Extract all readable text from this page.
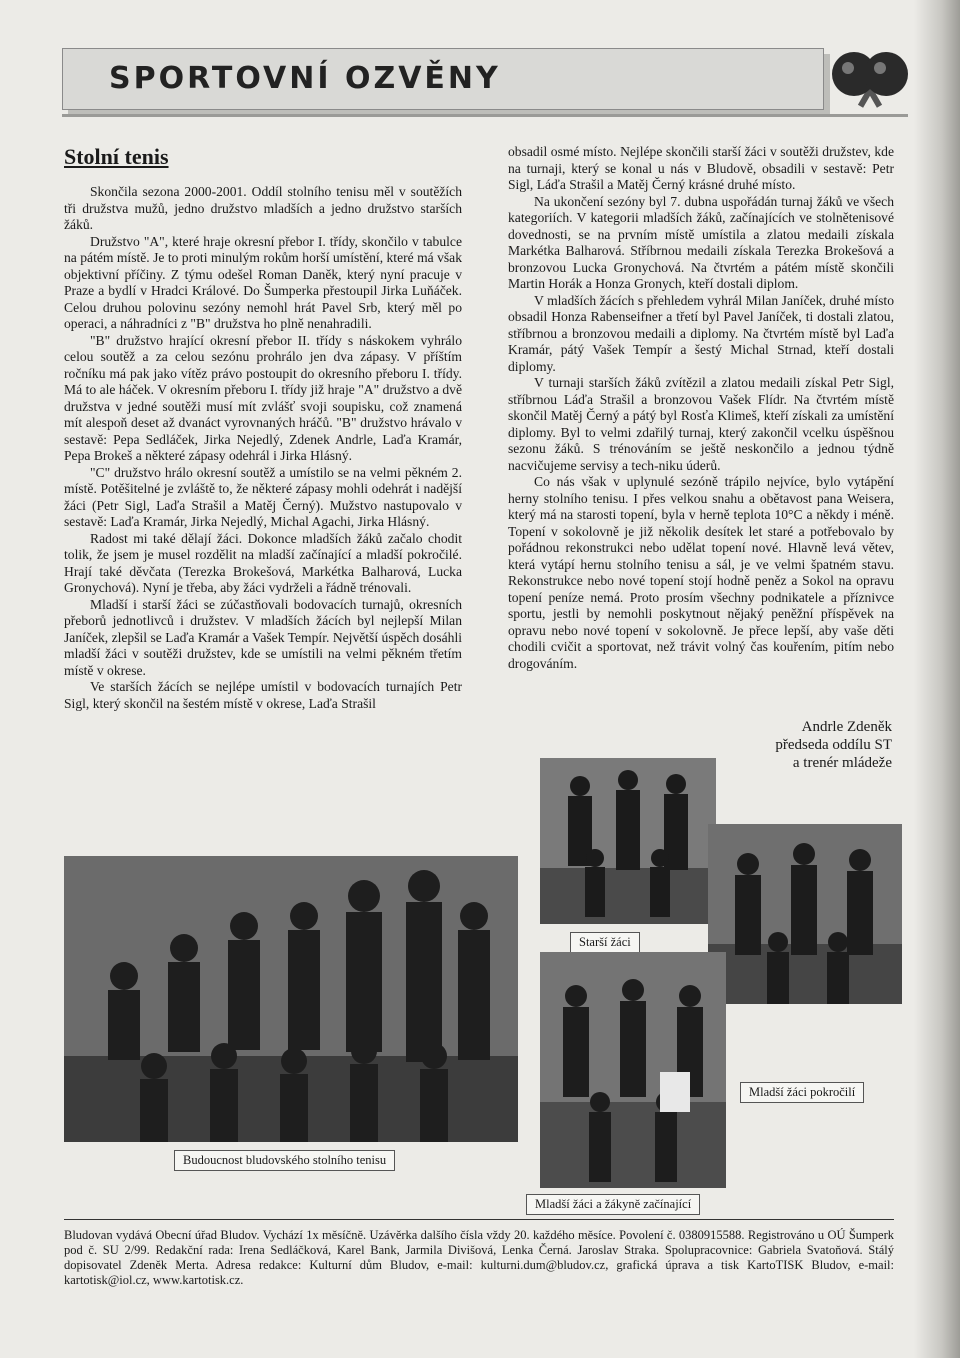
SPORTOVNÍ OZVĚNY
Stolní tenis

Skončila sezona 2000-2001. Oddíl stolního tenisu měl v soutěžích tři družstva mužů, jedno družstvo mladších a jedno družstvo starších žáků.

Družstvo "A", které hraje okresní přebor I. třídy, skončilo v tabulce na pátém místě. Je to proti minulým rokům horší umístění, které má však objektivní příčiny. Z týmu odešel Roman Daněk, který nyní pracuje v Praze a bydlí v Hradci Králové. Do Šumperka přestoupil Jirka Luňáček. Celou druhou polovinu sezóny nemohl hrát Pavel Srb, který měl po operaci, a náhradníci z "B" družstva ho plně nenahradili.

"B" družstvo hrající okresní přebor II. třídy s náskokem vyhrálo celou soutěž a za celou sezónu prohrálo jen dva zápasy. V příštím ročníku má pak jako vítěz právo postoupit do okresního přeboru I. třídy. Má to ale háček. V okresním přeboru I. třídy již hraje "A" družstvo a dvě družstva v jedné soutěži musí mít zvlášť svoji soupisku, což znamená mít alespoň deset až dvanáct vyrovnaných hráčů. "B" družstvo hrávalo v sestavě: Pepa Sedláček, Jirka Nejedlý, Zdenek Andrle, Laďa Kramár, Pepa Brokeš a některé zápasy odehrál i Jirka Hlásný.

"C" družstvo hrálo okresní soutěž a umístilo se na velmi pěkném 2. místě. Potěšitelné je zvláště to, že některé zápasy mohli odehrát i nadější žáci (Petr Sigl, Laďa Strašil a Matěj Černý). Mužstvo nastupovalo v sestavě: Laďa Kramár, Jirka Nejedlý, Michal Agachi, Jirka Hlásný.

Radost mi také dělají žáci. Dokonce mladších žáků začalo chodit tolik, že jsem je musel rozdělit na mladší začínající a mladší pokročilé. Hrají také děvčata (Terezka Brokešová, Markétka Balharová, Lucka Gronychová). Nyní je třeba, aby žáci vydrželi a řádně trénovali.

Mladší i starší žáci se zúčastňovali bodovacích turnajů, okresních přeborů jednotlivců i družstev. V mladších žácích byl nejlepší Milan Janíček, zlepšil se Laďa Kramár a Vašek Tempír. Největší úspěch dosáhli mladší žáci v soutěži družstev, kde se umístili na velmi pěkném třetím místě v okrese.

Ve starších žácích se nejlépe umístil v bodovacích turnajích Petr Sigl, který skončil na šestém místě v okrese, Laďa Strašil

obsadil osmé místo. Nejlépe skončili starší žáci v soutěži družstev, kde na turnaji, který se konal u nás v Bludově, obsadili v sestavě: Petr Sigl, Láďa Strašil a Matěj Černý krásné druhé místo.

Na ukončení sezóny byl 7. dubna uspořádán turnaj žáků ve všech kategoriích. V kategorii mladších žáků, začínajících ve stolnětenisové dovednosti, se na prvním místě umístila a zlatou medaili získala Markétka Balharová. Stříbrnou medaili získala Terezka Brokešová a bronzovou Lucka Gronychová. Na čtvrtém a pátém místě skončili Martin Horák a Honza Gronych, kteří dostali diplom.

V mladších žácích s přehledem vyhrál Milan Janíček, druhé místo obsadil Honza Rabenseifner a třetí byl Pavel Janíček, ti dostali zlatou, stříbrnou a bronzovou medaili a diplomy. Na čtvrtém místě byl Laďa Kramár, pátý Vašek Tempír a šestý Michal Strnad, kteří dostali diplomy.

V turnaji starších žáků zvítězil a zlatou medaili získal Petr Sigl, stříbrnou Láďa Strašil a bronzovou Vašek Flídr. Na čtvrtém místě skončil Matěj Černý a pátý byl Rosťa Klimeš, kteří získali za umístění diplomy. Byl to velmi zdařilý turnaj, který zakončil vcelku úspěšnou sezonu žáků. S trénováním se ještě neskončilo a jednou týdně nacvičujeme servisy a tech-niku úderů.

Co nás však v uplynulé sezóně trápilo nejvíce, bylo vytápění herny stolního tenisu. I přes velkou snahu a obětavost pana Weisera, který má na starosti topení, byla v herně teplota 10°C a někdy i méně. Topení v sokolovně je již několik desítek let staré a potřebovalo by pořádnou rekonstrukci nebo udělat topení nové. Hlavně levá větev, která vytápí hernu stolního tenisu a sál, je ve velmi špatném stavu. Rekonstrukce nebo nové topení stojí hodně peněz a Sokol na opravu topení peníze nemá. Proto prosím všechny podnikatele a příznivce sportu, jestli by nemohli poskytnout nějaký peněžní příspěvek na opravu nebo nové topení v sokolovně. Je přece lepší, aby vaše děti chodili cvičit a sportovat, než trávit volný čas kouřením, pitím nebo drogováním.

Andrle Zdeněk
předseda oddílu ST
a trenér mládeže
Budoucnost bludovského stolního tenisu
Starší žáci
Mladší žáci pokročilí
Mladší žáci a žákyně začínající
Bludovan vydává Obecní úřad Bludov. Vychází 1x měsíčně. Uzávěrka dalšího čísla vždy 20. každého měsíce. Povolení č. 0380915588. Registrováno u OÚ Šumperk pod č. SU 2/99. Redakční rada: Irena Sedláčková, Karel Bank, Jarmila Divišová, Lenka Černá. Jaroslav Straka. Spolupracovnice: Gabriela Svatoňová. Stálý dopisovatel Zdeněk Merta. Adresa redakce: Kulturní dům Bludov, e-mail: kulturni.dum@bludov.cz, grafická úprava a tisk KartoTISK Bludov, e-mail: kartotisk@iol.cz, www.kartotisk.cz.
